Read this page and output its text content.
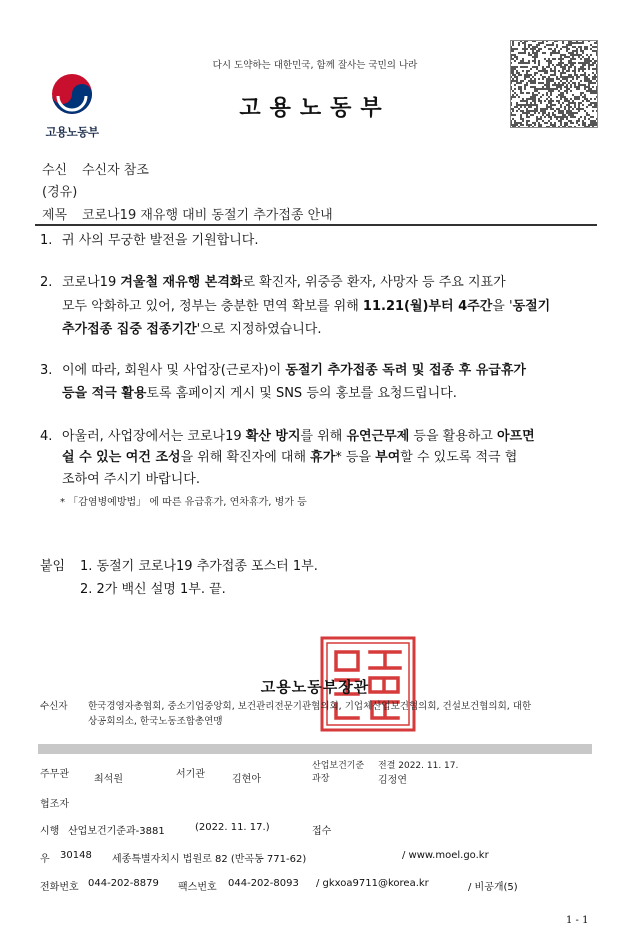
다시 도약하는 대한민국, 함께 잘사는 국민의 나라
고용노동부
고용노동부
수신 수신자 참조
(경유)
제목 코로나19 재유행 대비 동절기 추가접종 안내
1. 귀 사의 무궁한 발전을 기원합니다.
2. 코로나19 겨울철 재유행 본격화로 확진자, 위중증 환자, 사망자 등 주요 지표가
모두 악화하고 있어, 정부는 충분한 면역 확보를 위해 11.21(월)부터 4주간을 '동절기
추가접종 집중 접종기간'으로 지정하였습니다.
3. 이에 따라, 회원사 및 사업장(근로자)이 동절기 추가접종 독려 및 접종 후 유급휴가
등을 적극 활용토록 홈페이지 게시 및 SNS 등의 홍보를 요청드립니다.
4. 아울러, 사업장에서는 코로나19 확산 방지를 위해 유연근무제 등을 활용하고 아프면
쉴 수 있는 여건 조성을 위해 확진자에 대해 휴가* 등을 부여할 수 있도록 적극 협
조하여 주시기 바랍니다.
* 「감염병예방법」 에 따른 유급휴가, 연차휴가, 병가 등
붙임 1. 동절기 코로나19 추가접종 포스터 1부.
2. 2가 백신 설명 1부. 끝.
고용노동부장관
수신자 한국경영자총협회, 중소기업중앙회, 보건관리전문기관협의회, 기업체산업보건협의회, 건설보건협의회, 대한
상공회의소, 한국노동조합총연맹
주무관	최석원	서기관	김현아
산업보건기준
과장
전결 2022. 11. 17.
김정연
협조자
시행 산업보건기준과-3881	(2022. 11. 17.)	접수
우 30148 세종특별자치시 법원로 82 (반곡동 771-62)	/ www.moel.go.kr
전화번호 044-202-8879 팩스번호 044-202-8093 / gkxoa9711@korea.kr	/ 비공개(5)
1 - 1
